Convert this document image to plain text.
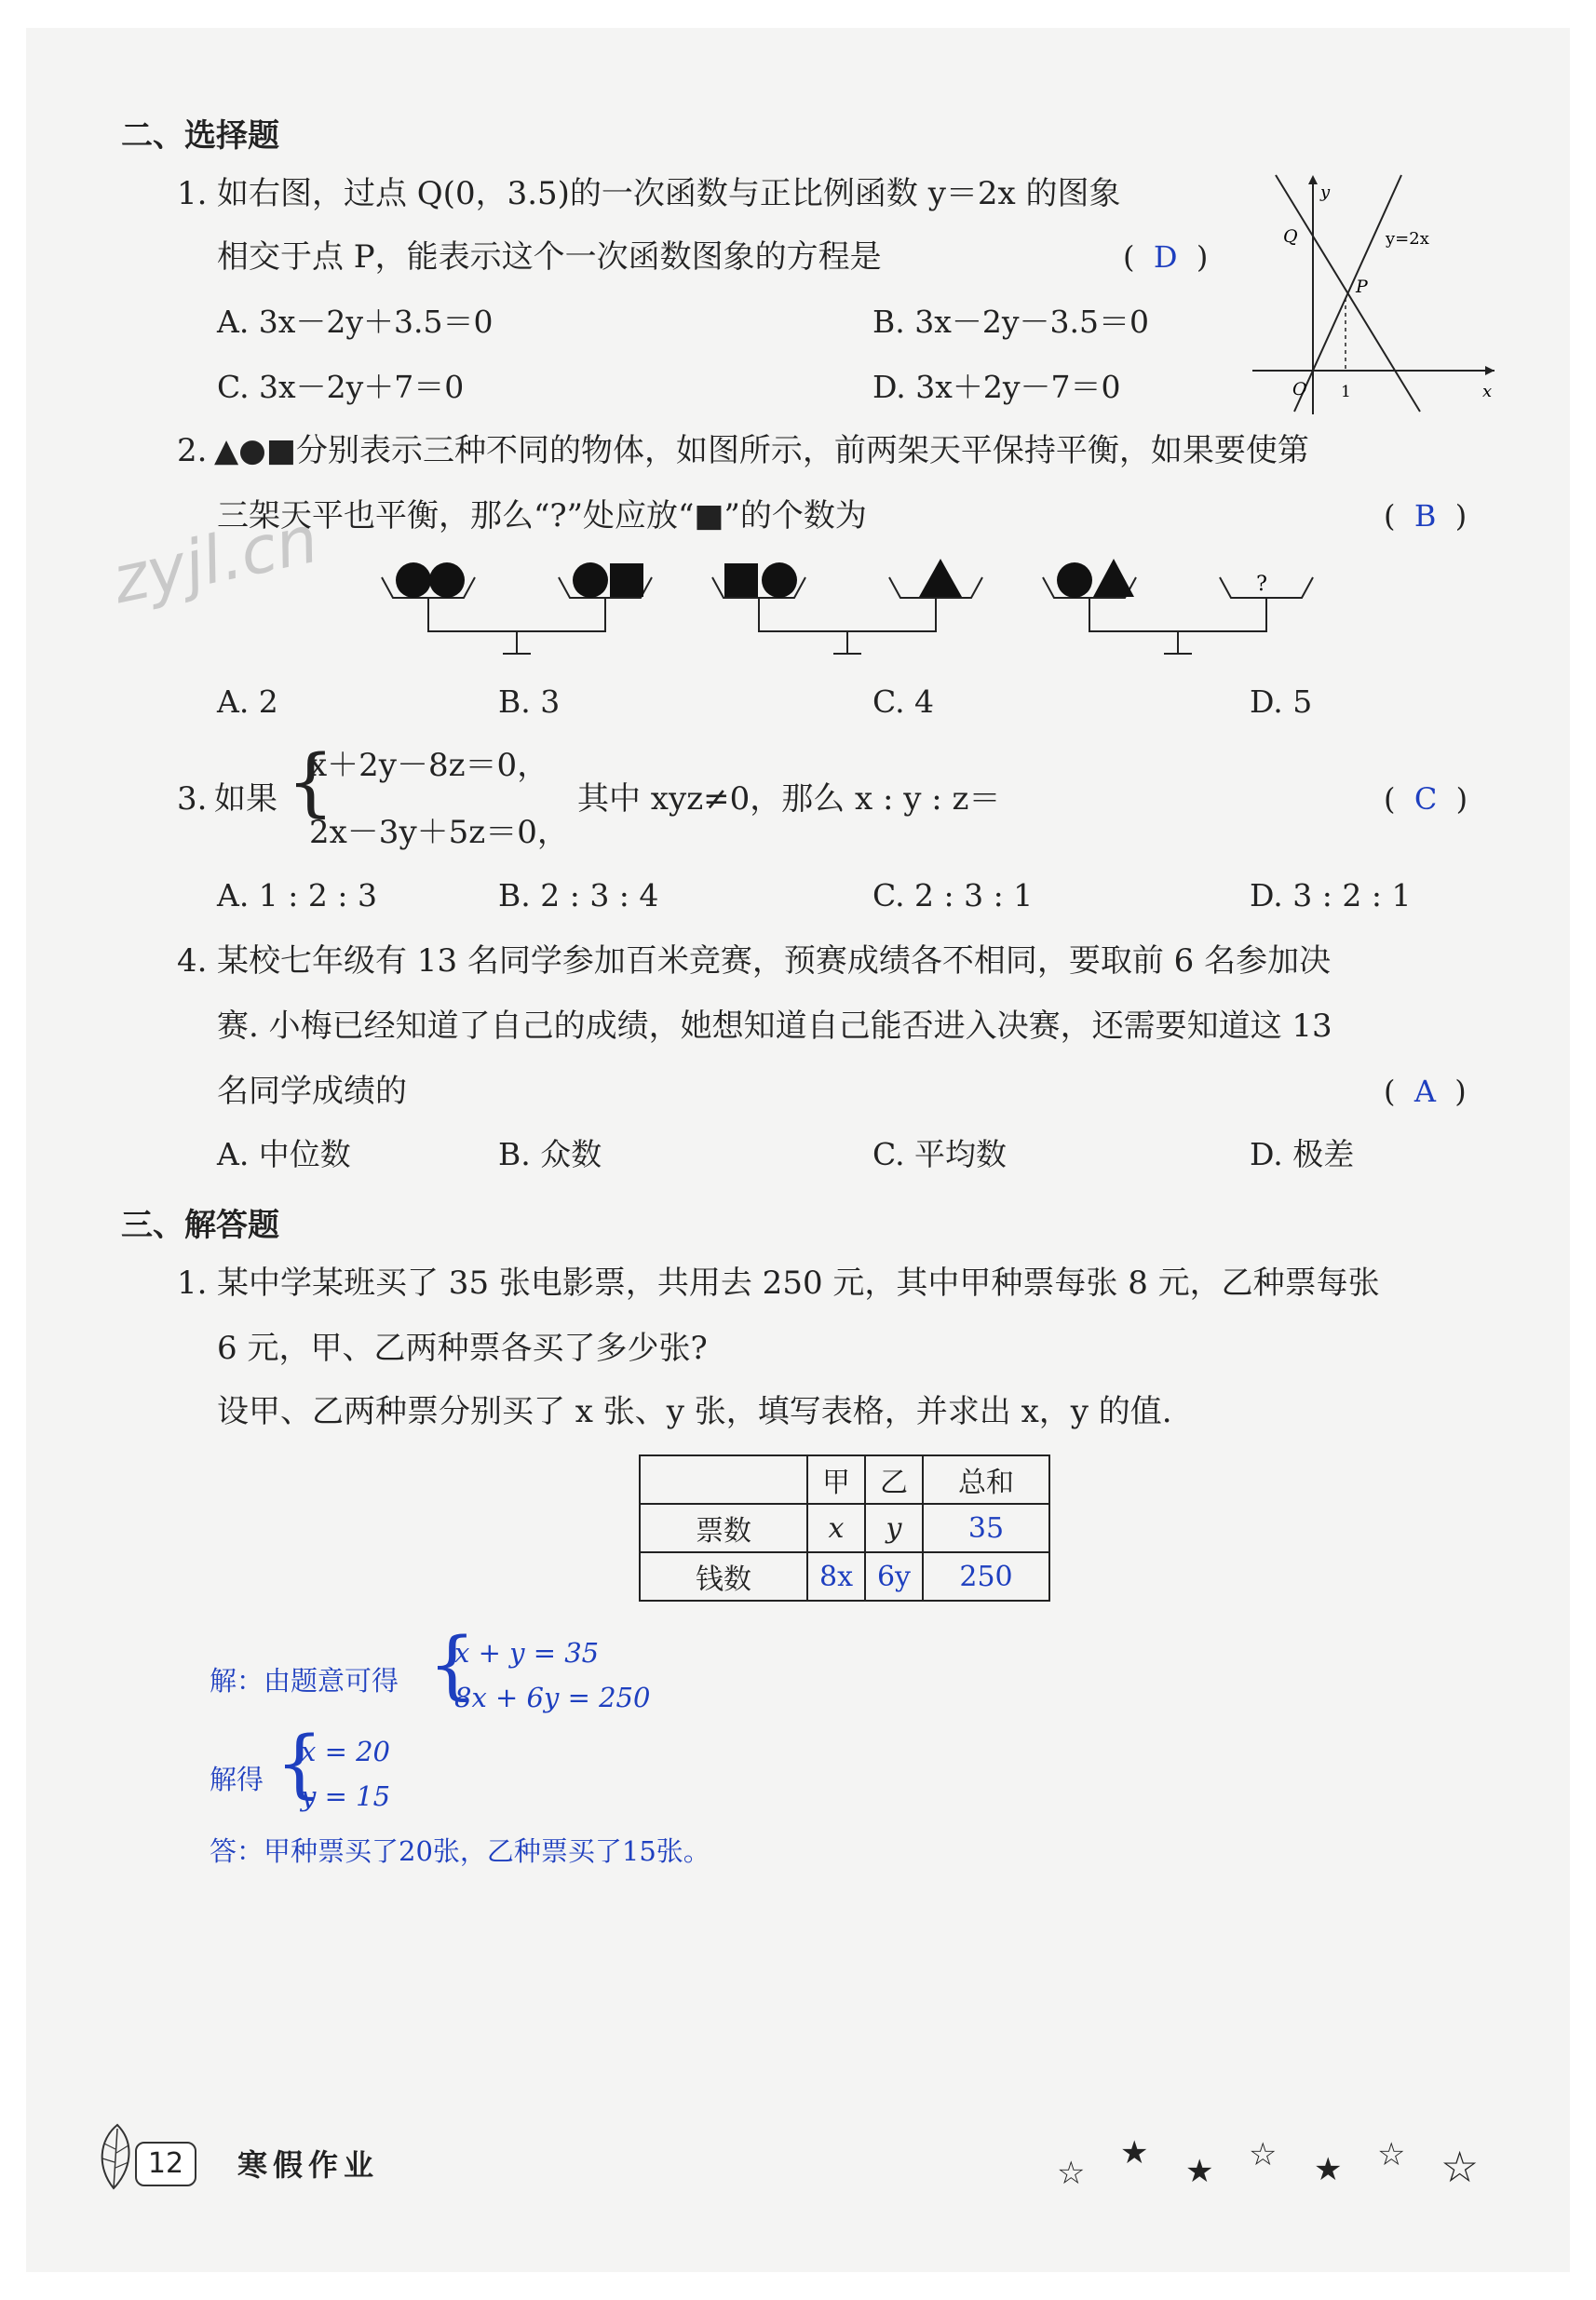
二、选择题
1. 如右图，过点 Q(0，3.5)的一次函数与正比例函数 y＝2x 的图象
相交于点 P，能表示这个一次函数图象的方程是	(  D  )
A. 3x－2y＋3.5＝0	B. 3x－2y－3.5＝0
C. 3x－2y＋7＝0	D. 3x＋2y－7＝0
y
x
Q
P
O 1
y=2x
2. ▲●■分别表示三种不同的物体，如图所示，前两架天平保持平衡，如果要使第
三架天平也平衡，那么“?”处应放“■”的个数为	(  B  )
zyjl.cn	?
A. 2	B. 3	C. 4	D. 5
3. 如果 {
x＋2y－8z＝0，
2x－3y＋5z＝0，
其中 xyz≠0，那么 x : y : z＝	(  C  )
A. 1 : 2 : 3	B. 2 : 3 : 4	C. 2 : 3 : 1	D. 3 : 2 : 1
4. 某校七年级有 13 名同学参加百米竞赛，预赛成绩各不相同，要取前 6 名参加决
赛. 小梅已经知道了自己的成绩，她想知道自己能否进入决赛，还需要知道这 13
名同学成绩的	(  A  )
A. 中位数	B. 众数	C. 平均数	D. 极差
三、解答题
1. 某中学某班买了 35 张电影票，共用去 250 元，其中甲种票每张 8 元，乙种票每张
6 元，甲、乙两种票各买了多少张?
设甲、乙两种票分别买了 x 张、y 张，填写表格，并求出 x，y 的值.
	甲	乙	总和
票数	x	y	35
钱数	8x	6y	250
解：由题意可得 {
x + y = 35
8x + 6y = 250
解得 {
x = 20
y = 15
答：甲种票买了20张，乙种票买了15张。
12	寒假作业	☆
★ ★ ☆ ★ ☆ ☆
